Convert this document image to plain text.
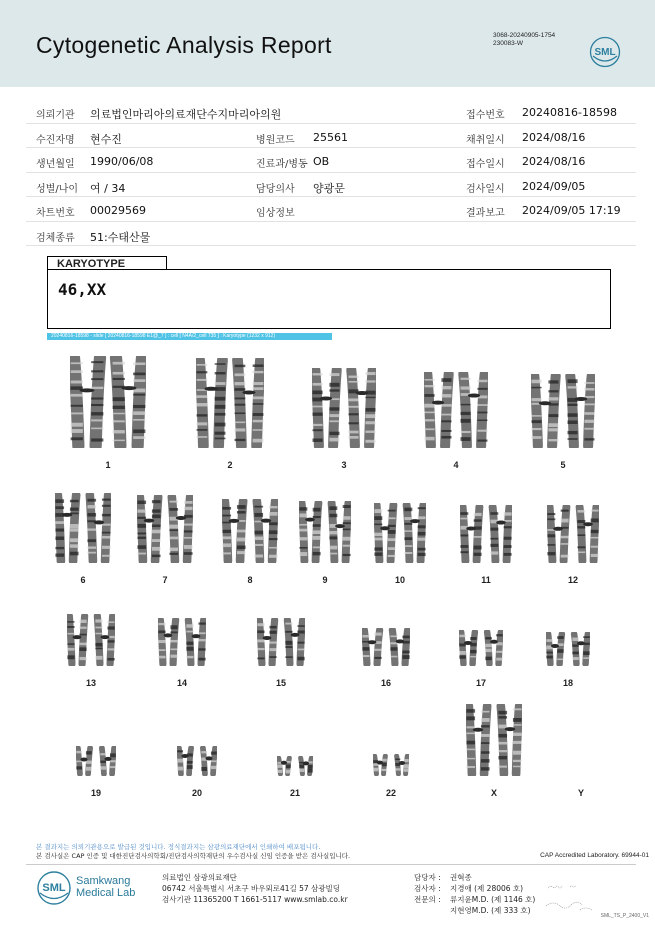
Cytogenetic Analysis Report	3068-20240905-1754
230083-W
SML
의뢰기관 의료법인마리아의료재단수지마리아의원	접수번호 20240816-18598
수진자명 현수진	병원코드 25561	채취일시 2024/08/16
생년월일 1990/06/08	진료과/병동 OB	접수일시 2024/08/16
성별/나이 여 / 34	담당의사 양광문	검사일시 2024/09/05
차트번호 00029569	임상정보	결과보고 2024/09/05 17:19
검체종류 51:수태산물
KARYOTYPE
46,XX
20240816-18598 - slide [ 20240816-18598 E1@_7 ] : cell [ N4A/2_cell 735 ] : Karyotype (1232 x 912)
1	2	3	4	5
6	7	8	9	10	11	12
13	14	15	16	17	18
19	20	21	22	X	Y
본 결과지는 의뢰기관용으로 발급된 것입니다. 정식결과지는 삼광의료재단에서 인쇄하여 배포됩니다.
본 검사실은 CAP 인증 및 대한진단검사의학회/진단검사의학재단의 우수검사실 신임 인증을 받은 검사실입니다.	CAP Accredited Laboratory. 69944-01
SML
Samkwang
Medical Lab
의료법인 삼광의료재단
06742 서울특별시 서초구 바우뫼로41길 57 삼광빌딩
검사기관 11365200 T 1661-5117 www.smlab.co.kr
담당자 : 권혁종
검사자 : 지경애 (제 28006 호)
전문의 : 류지윤M.D. (제 1146 호)
지현영M.D. (제 333 호)
SML_TS_P_2400_V1
